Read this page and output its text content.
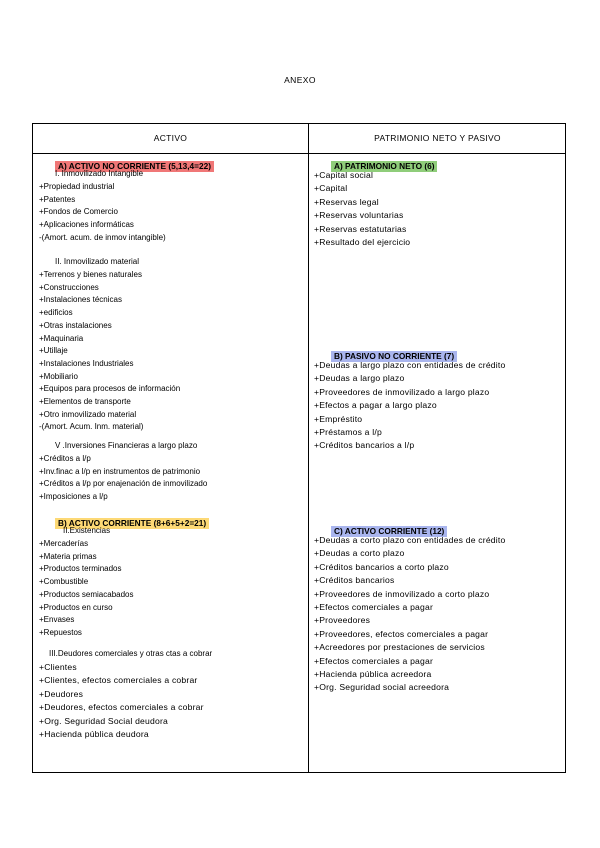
ANEXO
ACTIVO	PATRIMONIO NETO Y PASIVO
A) ACTIVO NO CORRIENTE (5,13,4=22)
I. Inmovilizado Intangible
+Propiedad industrial
+Patentes
+Fondos de Comercio
+Aplicaciones informáticas
-(Amort. acum. de inmov intangible)
II. Inmovilizado material
+Terrenos y bienes naturales
+Construcciones
+Instalaciones técnicas
+edificios
+Otras instalaciones
+Maquinaria
+Utillaje
+Instalaciones Industriales
+Mobiliario
+Equipos para procesos de información
+Elementos de transporte
+Otro inmovilizado material
-(Amort. Acum. Inm. material)
V .Inversiones Financieras a largo plazo
+Créditos a l/p
+Inv.finac a l/p en instrumentos de patrimonio
+Créditos a l/p por enajenación de inmovilizado
+Imposiciones a l/p
B) ACTIVO CORRIENTE (8+6+5+2=21)
II.Existencias
+Mercaderías
+Materia primas
+Productos terminados
+Combustible
+Productos semiacabados
+Productos en curso
+Envases
+Repuestos
III.Deudores comerciales y otras ctas a cobrar
+Clientes
+Clientes, efectos comerciales a cobrar
+Deudores
+Deudores, efectos comerciales a cobrar
+Org. Seguridad Social deudora
+Hacienda pública deudora
A) PATRIMONIO NETO (6)
+Capital social
+Capital
+Reservas legal
+Reservas voluntarias
+Reservas estatutarias
+Resultado del ejercicio
B) PASIVO NO CORRIENTE (7)
+Deudas a largo plazo con entidades de crédito
+Deudas a largo plazo
+Proveedores de inmovilizado a largo plazo
+Efectos a pagar a largo plazo
+Empréstito
+Préstamos a l/p
+Créditos bancarios a l/p
C) ACTIVO CORRIENTE (12)
+Deudas a corto plazo con entidades de crédito
+Deudas a corto plazo
+Créditos bancarios a corto plazo
+Créditos bancarios
+Proveedores de inmovilizado a corto plazo
+Efectos comerciales a pagar
+Proveedores
+Proveedores, efectos comerciales a pagar
+Acreedores por prestaciones de servicios
+Efectos comerciales a pagar
+Hacienda pública acreedora
+Org. Seguridad social acreedora
